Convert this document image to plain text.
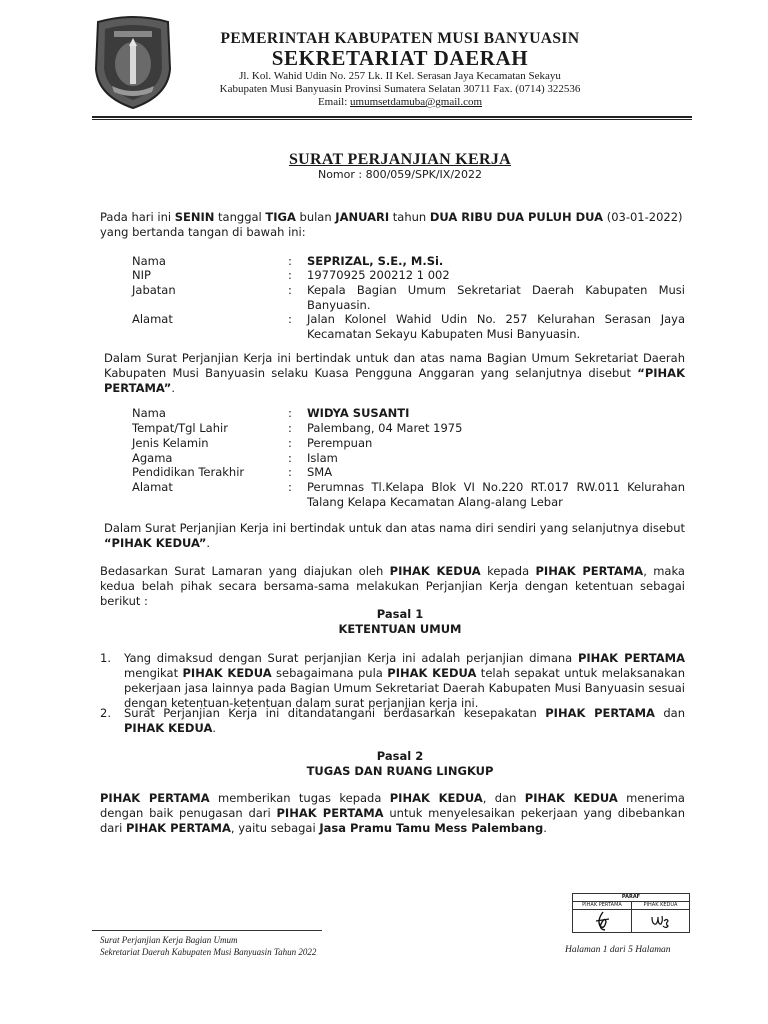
PEMERINTAH KABUPATEN MUSI BANYUASIN
SEKRETARIAT DAERAH
Jl. Kol. Wahid Udin No. 257 Lk. II Kel. Serasan Jaya Kecamatan Sekayu
Kabupaten Musi Banyuasin Provinsi Sumatera Selatan 30711 Fax. (0714) 322536
Email: umumsetdamuba@gmail.com
SURAT PERJANJIAN KERJA
Nomor : 800/059/SPK/IX/2022
Pada hari ini SENIN tanggal TIGA bulan JANUARI tahun DUA RIBU DUA PULUH DUA (03-01-2022) yang bertanda tangan di bawah ini:
Nama
NIP
Jabatan
Alamat
:
:
:
:
SEPRIZAL, S.E., M.Si.
19770925 200212 1 002
Kepala Bagian Umum Sekretariat Daerah Kabupaten Musi Banyuasin.
Jalan Kolonel Wahid Udin No. 257 Kelurahan Serasan Jaya Kecamatan Sekayu Kabupaten Musi Banyuasin.
Dalam Surat Perjanjian Kerja ini bertindak untuk dan atas nama Bagian Umum Sekretariat Daerah Kabupaten Musi Banyuasin selaku Kuasa Pengguna Anggaran yang selanjutnya disebut “PIHAK PERTAMA”.
Nama
Tempat/Tgl Lahir
Jenis Kelamin
Agama
Pendidikan Terakhir
Alamat
:
:
:
:
:
:
WIDYA SUSANTI
Palembang, 04 Maret 1975
Perempuan
Islam
SMA
Perumnas Tl.Kelapa Blok VI No.220 RT.017 RW.011 Kelurahan Talang Kelapa Kecamatan Alang-alang Lebar
Dalam Surat Perjanjian Kerja ini bertindak untuk dan atas nama diri sendiri yang selanjutnya disebut “PIHAK KEDUA”.
Bedasarkan Surat Lamaran yang diajukan oleh PIHAK KEDUA kepada PIHAK PERTAMA, maka kedua belah pihak secara bersama-sama melakukan Perjanjian Kerja dengan ketentuan sebagai berikut :
Pasal 1
KETENTUAN UMUM
1. Yang dimaksud dengan Surat perjanjian Kerja ini adalah perjanjian dimana PIHAK PERTAMA mengikat PIHAK KEDUA sebagaimana pula PIHAK KEDUA telah sepakat untuk melaksanakan pekerjaan jasa lainnya pada Bagian Umum Sekretariat Daerah Kabupaten Musi Banyuasin sesuai dengan ketentuan-ketentuan dalam surat perjanjian kerja ini.
2. Surat Perjanjian Kerja ini ditandatangani berdasarkan kesepakatan PIHAK PERTAMA dan PIHAK KEDUA.
Pasal 2
TUGAS DAN RUANG LINGKUP
PIHAK PERTAMA memberikan tugas kepada PIHAK KEDUA, dan PIHAK KEDUA menerima dengan baik penugasan dari PIHAK PERTAMA untuk menyelesaikan pekerjaan yang dibebankan dari PIHAK PERTAMA, yaitu sebagai Jasa Pramu Tamu Mess Palembang.
PARAF
PIHAK PERTAMA	PIHAK KEDUA
Surat Perjanjian Kerja Bagian Umum
Sekretariat Daerah Kabupaten Musi Banyuasin Tahun 2022	Halaman 1 dari 5 Halaman
